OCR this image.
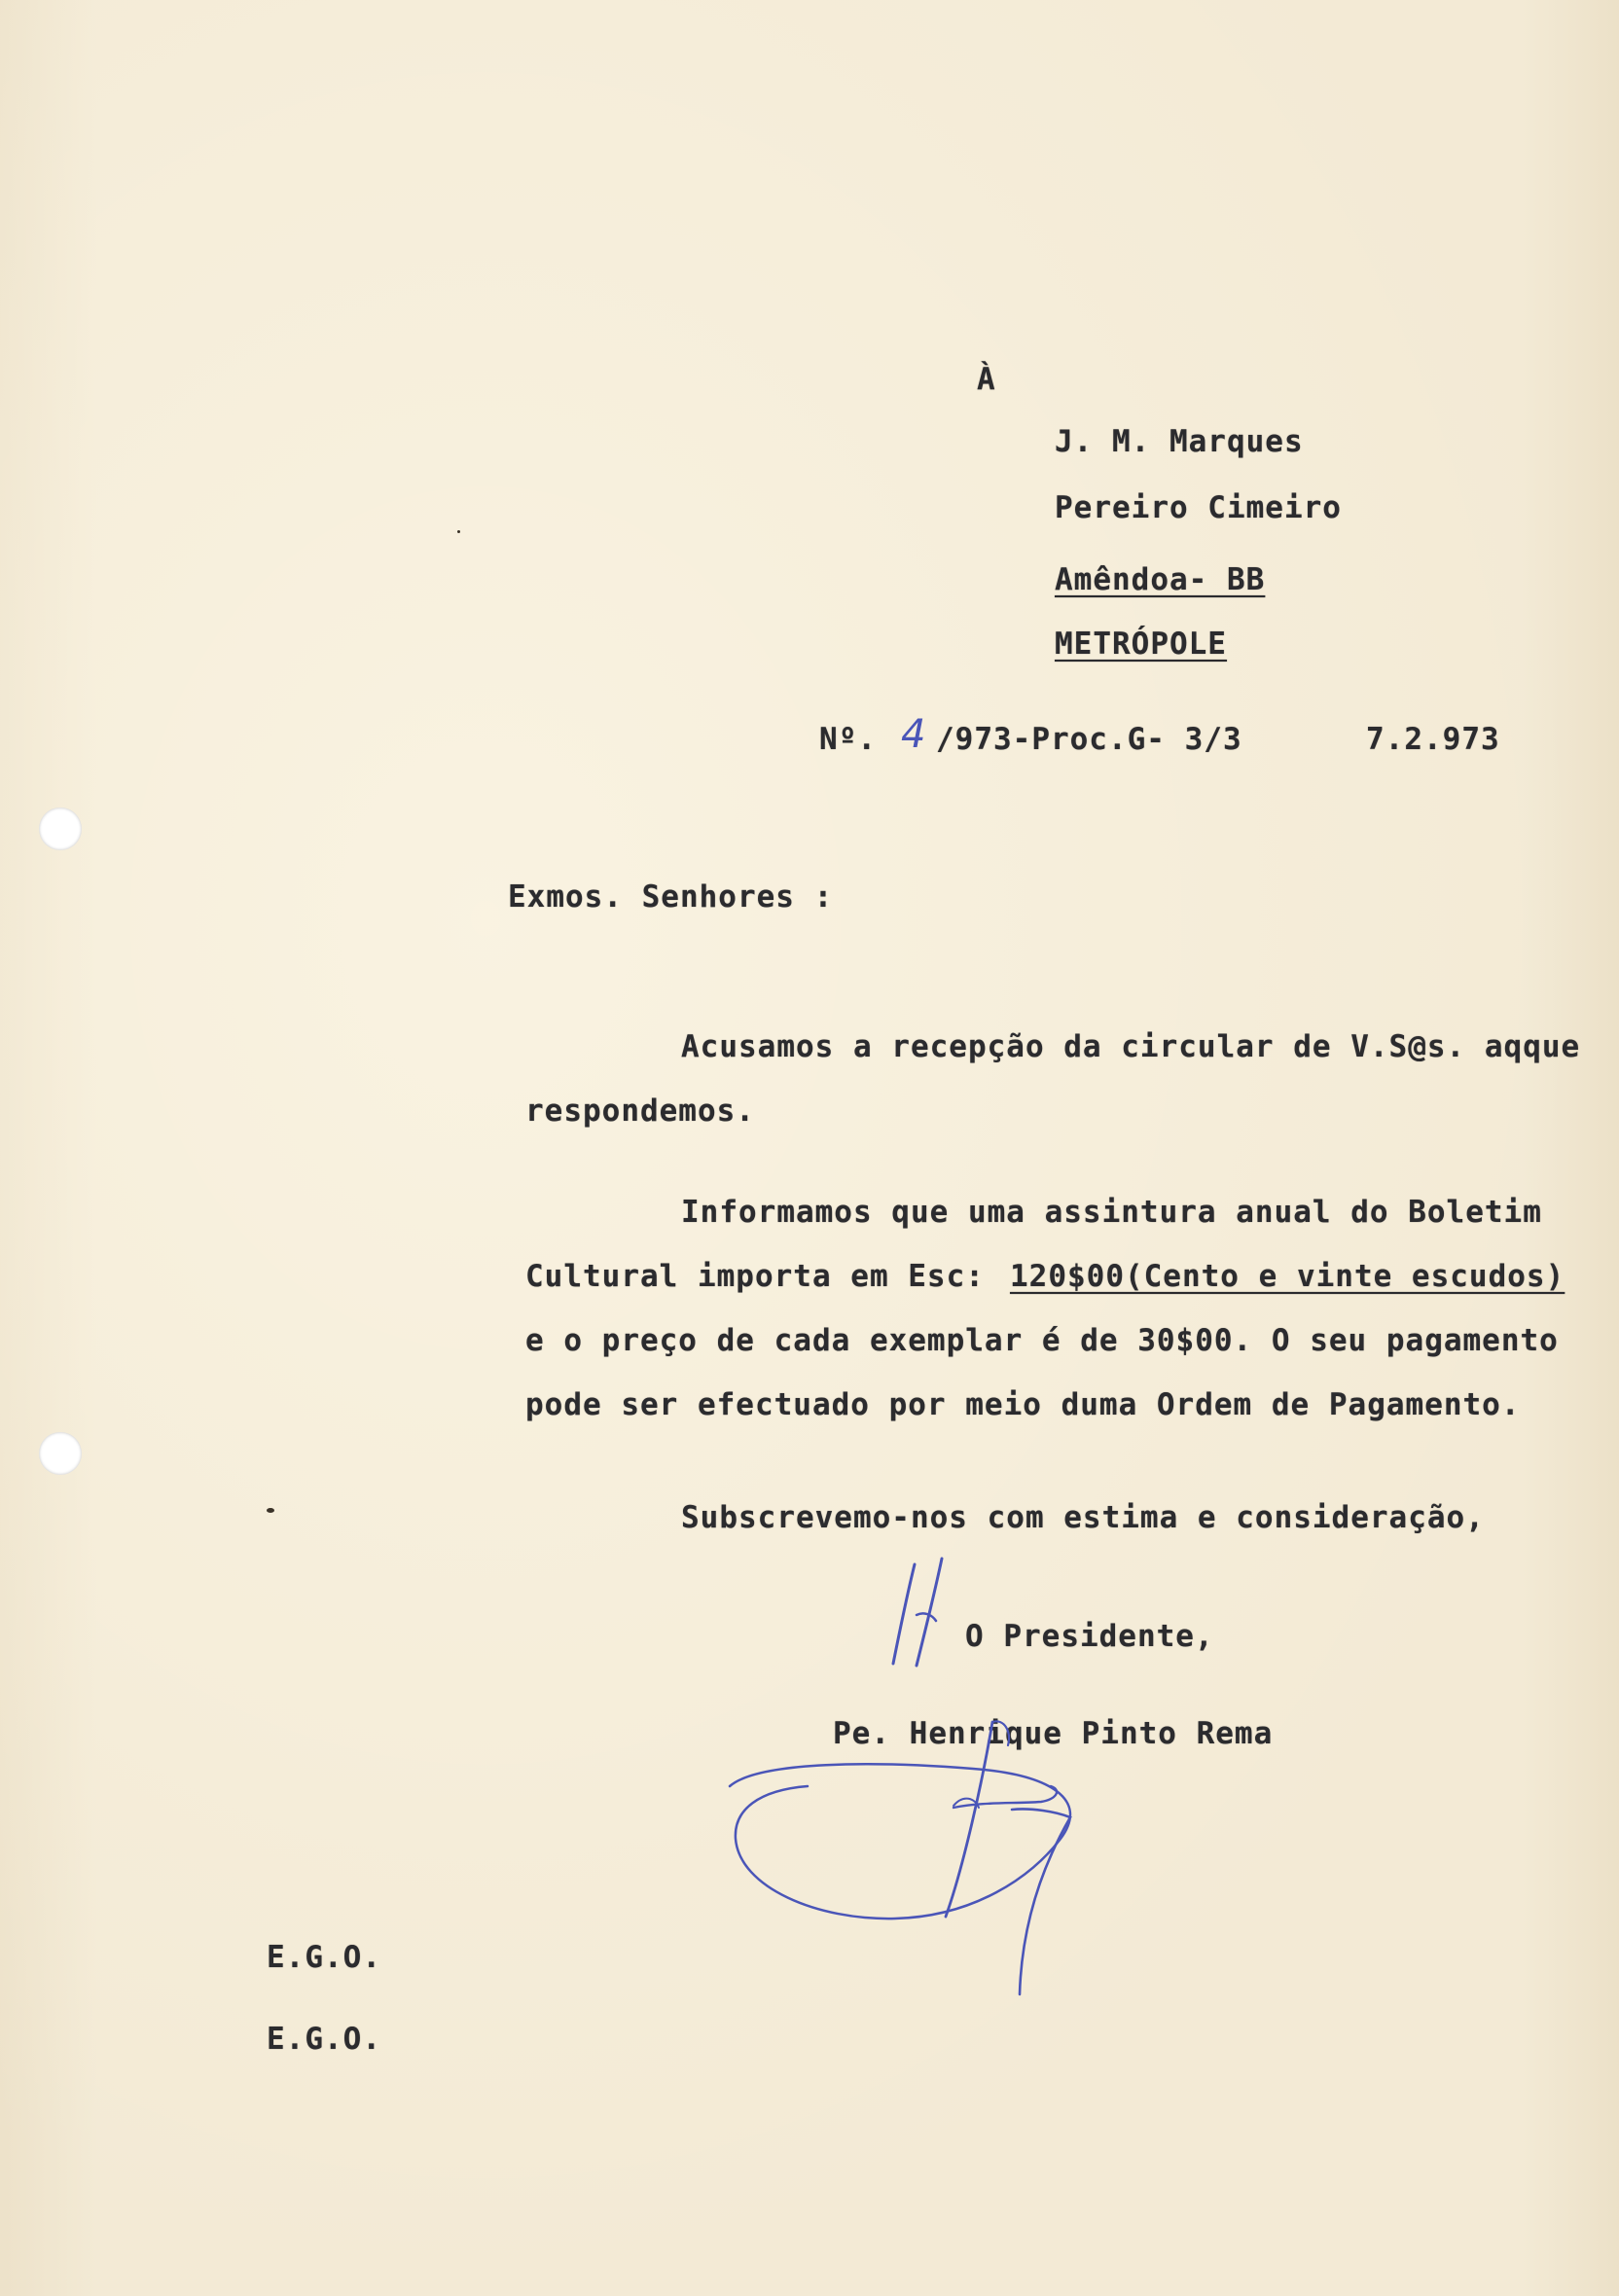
À
J. M. Marques
Pereiro Cimeiro
Amêndoa- BB
METRÓPOLE
Nº. 4 /973-Proc.G- 3/3	7.2.973
Exmos. Senhores :
Acusamos a recepção da circular de V.S@s. aqque
respondemos.
Informamos que uma assintura anual do Boletim
Cultural importa em Esc: 120$00(Cento e vinte escudos)
e o preço de cada exemplar é de 30$00. O seu pagamento
pode ser efectuado por meio duma Ordem de Pagamento.
Subscrevemo-nos com estima e consideração,
O Presidente,
Pe. Henrique Pinto Rema
E.G.O.
E.G.O.
